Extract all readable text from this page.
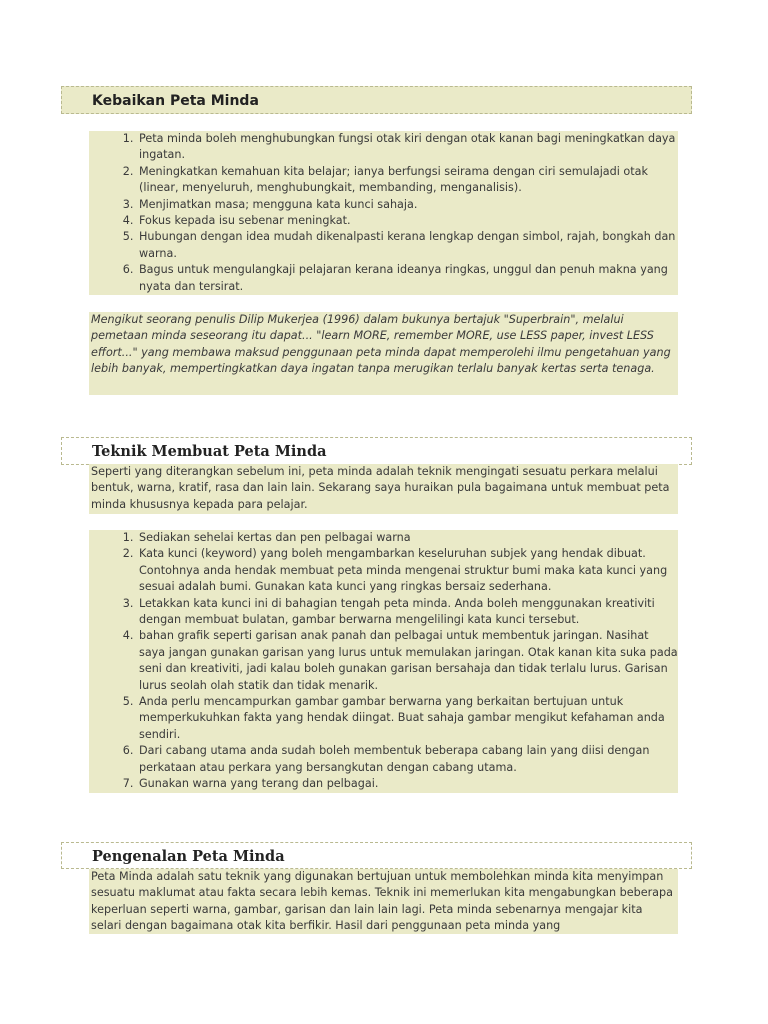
Kebaikan Peta Minda
1. Peta minda boleh menghubungkan fungsi otak kiri dengan otak kanan bagi meningkatkan daya ingatan.
2. Meningkatkan kemahuan kita belajar; ianya berfungsi seirama dengan ciri semulajadi otak (linear, menyeluruh, menghubungkait, membanding, menganalisis).
3. Menjimatkan masa; mengguna kata kunci sahaja.
4. Fokus kepada isu sebenar meningkat.
5. Hubungan dengan idea mudah dikenalpasti kerana lengkap dengan simbol, rajah, bongkah dan warna.
6. Bagus untuk mengulangkaji pelajaran kerana ideanya ringkas, unggul dan penuh makna yang nyata dan tersirat.
Mengikut seorang penulis Dilip Mukerjea (1996) dalam bukunya bertajuk "Superbrain", melalui pemetaan minda seseorang itu dapat... "learn MORE, remember MORE, use LESS paper, invest LESS effort..." yang membawa maksud penggunaan peta minda dapat memperolehi ilmu pengetahuan yang lebih banyak, mempertingkatkan daya ingatan tanpa merugikan terlalu banyak kertas serta tenaga.
Teknik Membuat Peta Minda
Seperti yang diterangkan sebelum ini, peta minda adalah teknik mengingati sesuatu perkara melalui bentuk, warna, kratif, rasa dan lain lain. Sekarang saya huraikan pula bagaimana untuk membuat peta minda khususnya kepada para pelajar.
1. Sediakan sehelai kertas dan pen pelbagai warna
2. Kata kunci (keyword) yang boleh mengambarkan keseluruhan subjek yang hendak dibuat. Contohnya anda hendak membuat peta minda mengenai struktur bumi maka kata kunci yang sesuai adalah bumi. Gunakan kata kunci yang ringkas bersaiz sederhana.
3. Letakkan kata kunci ini di bahagian tengah peta minda. Anda boleh menggunakan kreativiti dengan membuat bulatan, gambar berwarna mengelilingi kata kunci tersebut.
4. bahan grafik seperti garisan anak panah dan pelbagai untuk membentuk jaringan. Nasihat saya jangan gunakan garisan yang lurus untuk memulakan jaringan. Otak kanan kita suka pada seni dan kreativiti, jadi kalau boleh gunakan garisan bersahaja dan tidak terlalu lurus. Garisan lurus seolah olah statik dan tidak menarik.
5. Anda perlu mencampurkan gambar gambar berwarna yang berkaitan bertujuan untuk memperkukuhkan fakta yang hendak diingat. Buat sahaja gambar mengikut kefahaman anda sendiri.
6. Dari cabang utama anda sudah boleh membentuk beberapa cabang lain yang diisi dengan perkataan atau perkara yang bersangkutan dengan cabang utama.
7. Gunakan warna yang terang dan pelbagai.
Pengenalan Peta Minda
Peta Minda adalah satu teknik yang digunakan bertujuan untuk membolehkan minda kita menyimpan sesuatu maklumat atau fakta secara lebih kemas. Teknik ini memerlukan kita mengabungkan beberapa keperluan seperti warna, gambar, garisan dan lain lain lagi. Peta minda sebenarnya mengajar kita selari dengan bagaimana otak kita berfikir. Hasil dari penggunaan peta minda yang
